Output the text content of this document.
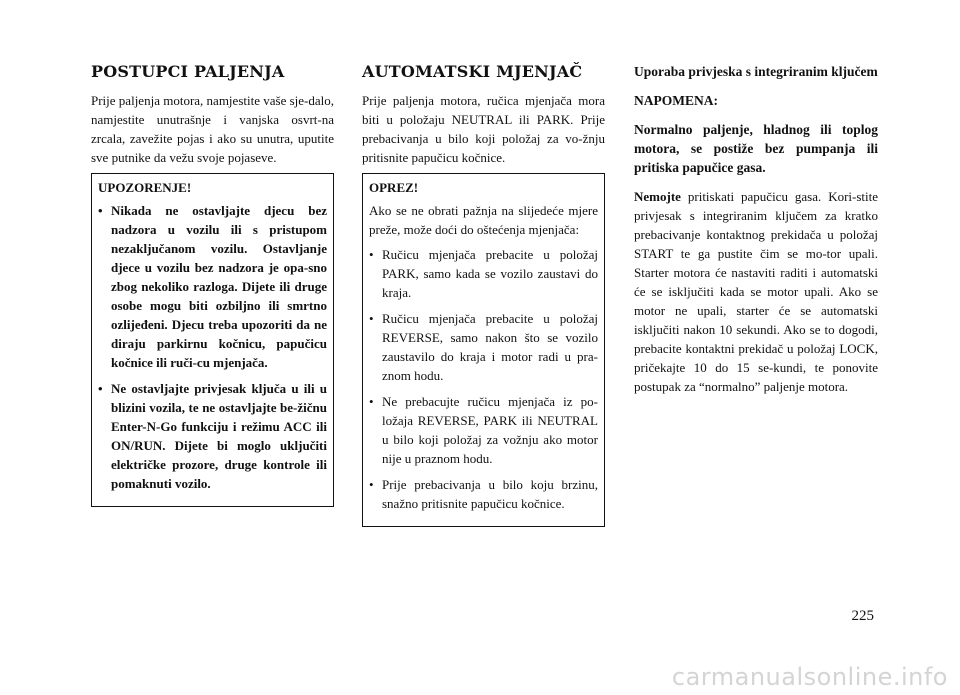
POSTUPCI PALJENJA

Prije paljenja motora, namjestite vaše sje-dalo, namjestite unutrašnje i vanjska osvrt-na zrcala, zavežite pojas i ako su unutra, uputite sve putnike da vežu svoje pojaseve.

UPOZORENJE!
• Nikada ne ostavljajte djecu bez nadzora u vozilu ili s pristupom nezaključanom vozilu. Ostavljanje djece u vozilu bez nadzora je opa-sno zbog nekoliko razloga. Dijete ili druge osobe mogu biti ozbiljno ili smrtno ozlijeđeni. Djecu treba upozoriti da ne diraju parkirnu kočnicu, papučicu kočnice ili ruči-cu mjenjača.
• Ne ostavljajte privjesak ključa u ili u blizini vozila, te ne ostavljajte be-žičnu Enter-N-Go funkciju i režimu ACC ili ON/RUN. Dijete bi moglo uključiti električke prozore, druge kontrole ili pomaknuti vozilo.
AUTOMATSKI MJENJAČ

Prije paljenja motora, ručica mjenjača mora biti u položaju NEUTRAL ili PARK. Prije prebacivanja u bilo koji položaj za vo-žnju pritisnite papučicu kočnice.

OPREZ!
Ako se ne obrati pažnja na slijedeće mjere preže, može doći do oštećenja mjenjača:
• Ručicu mjenjača prebacite u položaj PARK, samo kada se vozilo zaustavi do kraja.
• Ručicu mjenjača prebacite u položaj REVERSE, samo nakon što se vozilo zaustavilo do kraja i motor radi u pra-znom hodu.
• Ne prebacujte ručicu mjenjača iz po-ložaja REVERSE, PARK ili NEUTRAL u bilo koji položaj za vožnju ako motor nije u praznom hodu.
• Prije prebacivanja u bilo koju brzinu, snažno pritisnite papučicu kočnice.

Uporaba privjeska s integriranim ključem

NAPOMENA:

Normalno paljenje, hladnog ili toplog motora, se postiže bez pumpanja ili pritiska papučice gasa.

Nemojte pritiskati papučicu gasa. Kori-stite privjesak s integriranim ključem za kratko prebacivanje kontaktnog prekidača u položaj START te ga pustite čim se mo-tor upali. Starter motora će nastaviti raditi i automatski će se isključiti kada se motor upali. Ako se motor ne upali, starter će se automatski isključiti nakon 10 sekundi. Ako se to dogodi, prebacite kontaktni prekidač u položaj LOCK, pričekajte 10 do 15 se-kundi, te ponovite postupak za “normalno” paljenje motora.

225
carmanualsonline.info
